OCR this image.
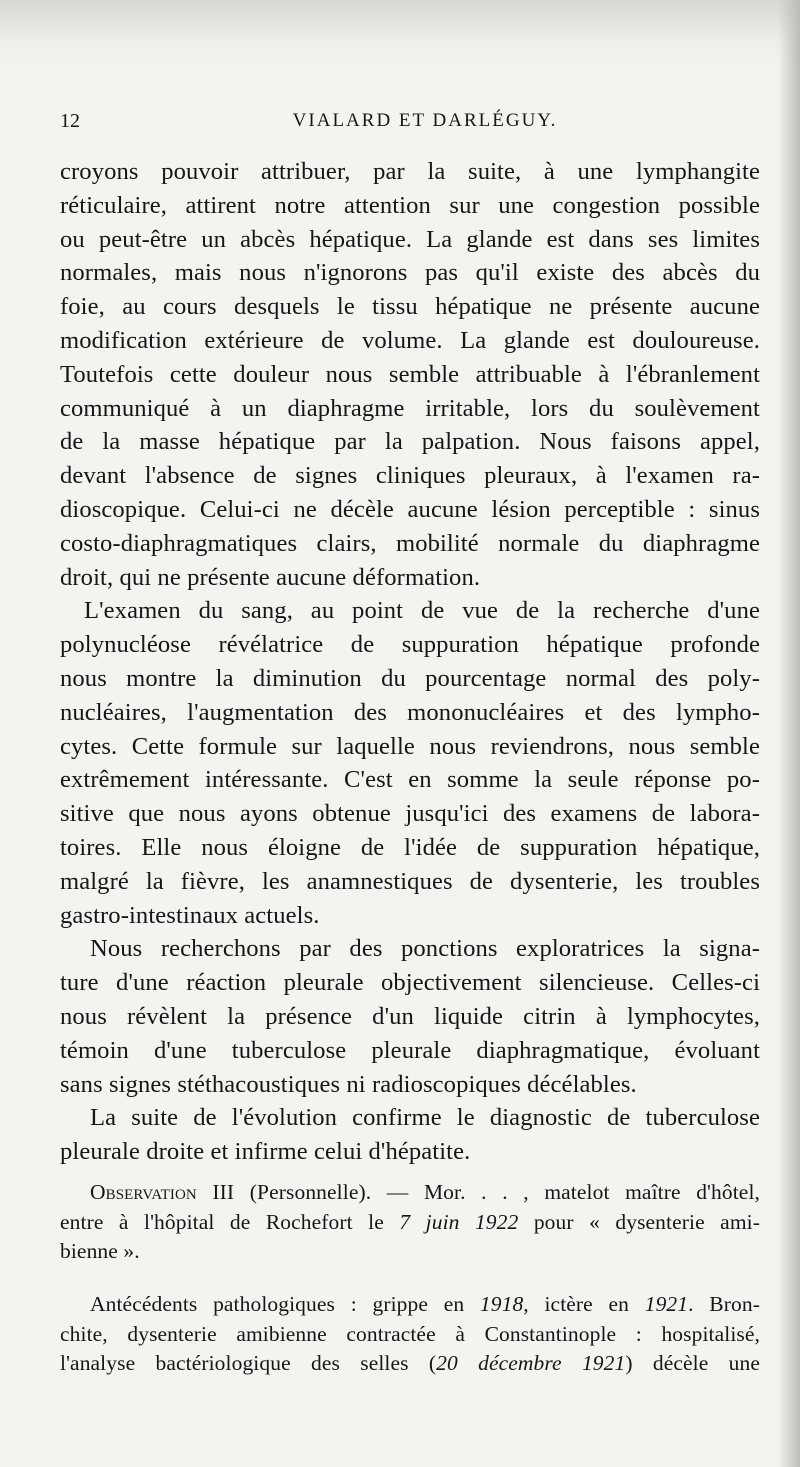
12	VIALARD ET DARLÉGUY.
croyons pouvoir attribuer, par la suite, à une lymphangite
réticulaire, attirent notre attention sur une congestion possible
ou peut-être un abcès hépatique. La glande est dans ses limites
normales, mais nous n'ignorons pas qu'il existe des abcès du
foie, au cours desquels le tissu hépatique ne présente aucune
modification extérieure de volume. La glande est douloureuse.
Toutefois cette douleur nous semble attribuable à l'ébranlement
communiqué à un diaphragme irritable, lors du soulèvement
de la masse hépatique par la palpation. Nous faisons appel,
devant l'absence de signes cliniques pleuraux, à l'examen ra-
dioscopique. Celui-ci ne décèle aucune lésion perceptible : sinus
costo-diaphragmatiques clairs, mobilité normale du diaphragme
droit, qui ne présente aucune déformation.
L'examen du sang, au point de vue de la recherche d'une
polynucléose révélatrice de suppuration hépatique profonde
nous montre la diminution du pourcentage normal des poly-
nucléaires, l'augmentation des mononucléaires et des lympho-
cytes. Cette formule sur laquelle nous reviendrons, nous semble
extrêmement intéressante. C'est en somme la seule réponse po-
sitive que nous ayons obtenue jusqu'ici des examens de labora-
toires. Elle nous éloigne de l'idée de suppuration hépatique,
malgré la fièvre, les anamnestiques de dysenterie, les troubles
gastro-intestinaux actuels.
Nous recherchons par des ponctions exploratrices la signa-
ture d'une réaction pleurale objectivement silencieuse. Celles-ci
nous révèlent la présence d'un liquide citrin à lymphocytes,
témoin d'une tuberculose pleurale diaphragmatique, évoluant
sans signes stéthacoustiques ni radioscopiques décélables.
La suite de l'évolution confirme le diagnostic de tuberculose
pleurale droite et infirme celui d'hépatite.
Observation III (Personnelle). — Mor. . . , matelot maître d'hôtel,
entre à l'hôpital de Rochefort le 7 juin 1922 pour « dysenterie ami-
bienne ».
Antécédents pathologiques : grippe en 1918, ictère en 1921. Bron-
chite, dysenterie amibienne contractée à Constantinople : hospitalisé,
l'analyse bactériologique des selles (20 décembre 1921) décèle une
